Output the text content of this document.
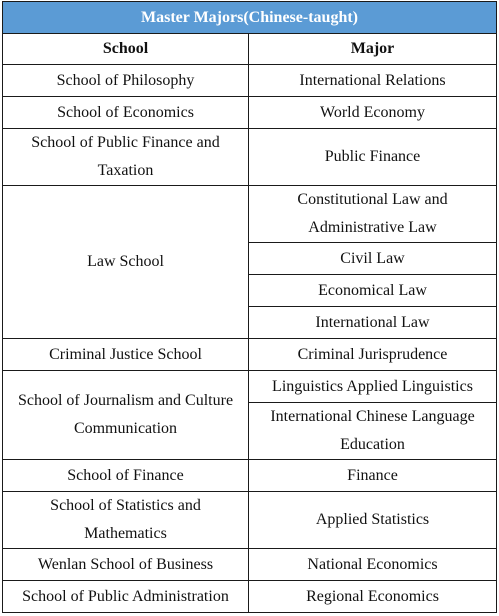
Master Majors(Chinese-taught)	
School	Major
School of Philosophy	International Relations
School of Economics	World Economy
School of Public Finance and Taxation	Public Finance
Law School	Constitutional Law and Administrative Law
	Civil Law
	Economical Law
	International Law
Criminal Justice School	Criminal Jurisprudence
School of Journalism and Culture Communication	Linguistics Applied Linguistics
	International Chinese Language Education
School of Finance	Finance
School of Statistics and Mathematics	Applied Statistics
Wenlan School of Business	National Economics
School of Public Administration	Regional Economics
